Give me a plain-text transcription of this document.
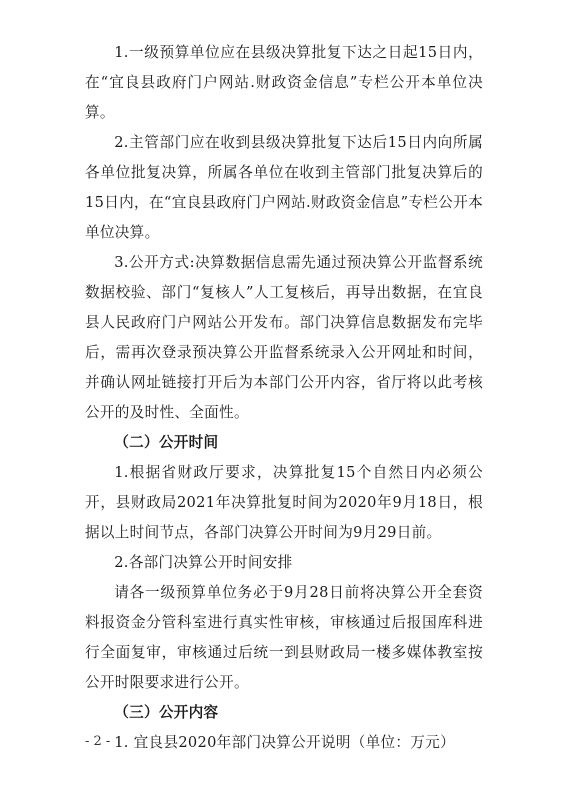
1.一级预算单位应在县级决算批复下达之日起15日内，在“宜良县政府门户网站.财政资金信息”专栏公开本单位决算。

2.主管部门应在收到县级决算批复下达后15日内向所属各单位批复决算，所属各单位在收到主管部门批复决算后的15日内，在“宜良县政府门户网站.财政资金信息”专栏公开本单位决算。

3.公开方式:决算数据信息需先通过预决算公开监督系统数据校验、部门“复核人”人工复核后，再导出数据，在宜良县人民政府门户网站公开发布。部门决算信息数据发布完毕后，需再次登录预决算公开监督系统录入公开网址和时间，并确认网址链接打开后为本部门公开内容，省厅将以此考核公开的及时性、全面性。

（二）公开时间

1.根据省财政厅要求，决算批复15个自然日内必须公开，县财政局2021年决算批复时间为2020年9月18日，根据以上时间节点，各部门决算公开时间为9月29日前。

2.各部门决算公开时间安排

请各一级预算单位务必于9月28日前将决算公开全套资料报资金分管科室进行真实性审核，审核通过后报国库科进行全面复审，审核通过后统一到县财政局一楼多媒体教室按公开时限要求进行公开。

（三）公开内容

1. 宜良县2020年部门决算公开说明（单位：万元）

- 2 -
